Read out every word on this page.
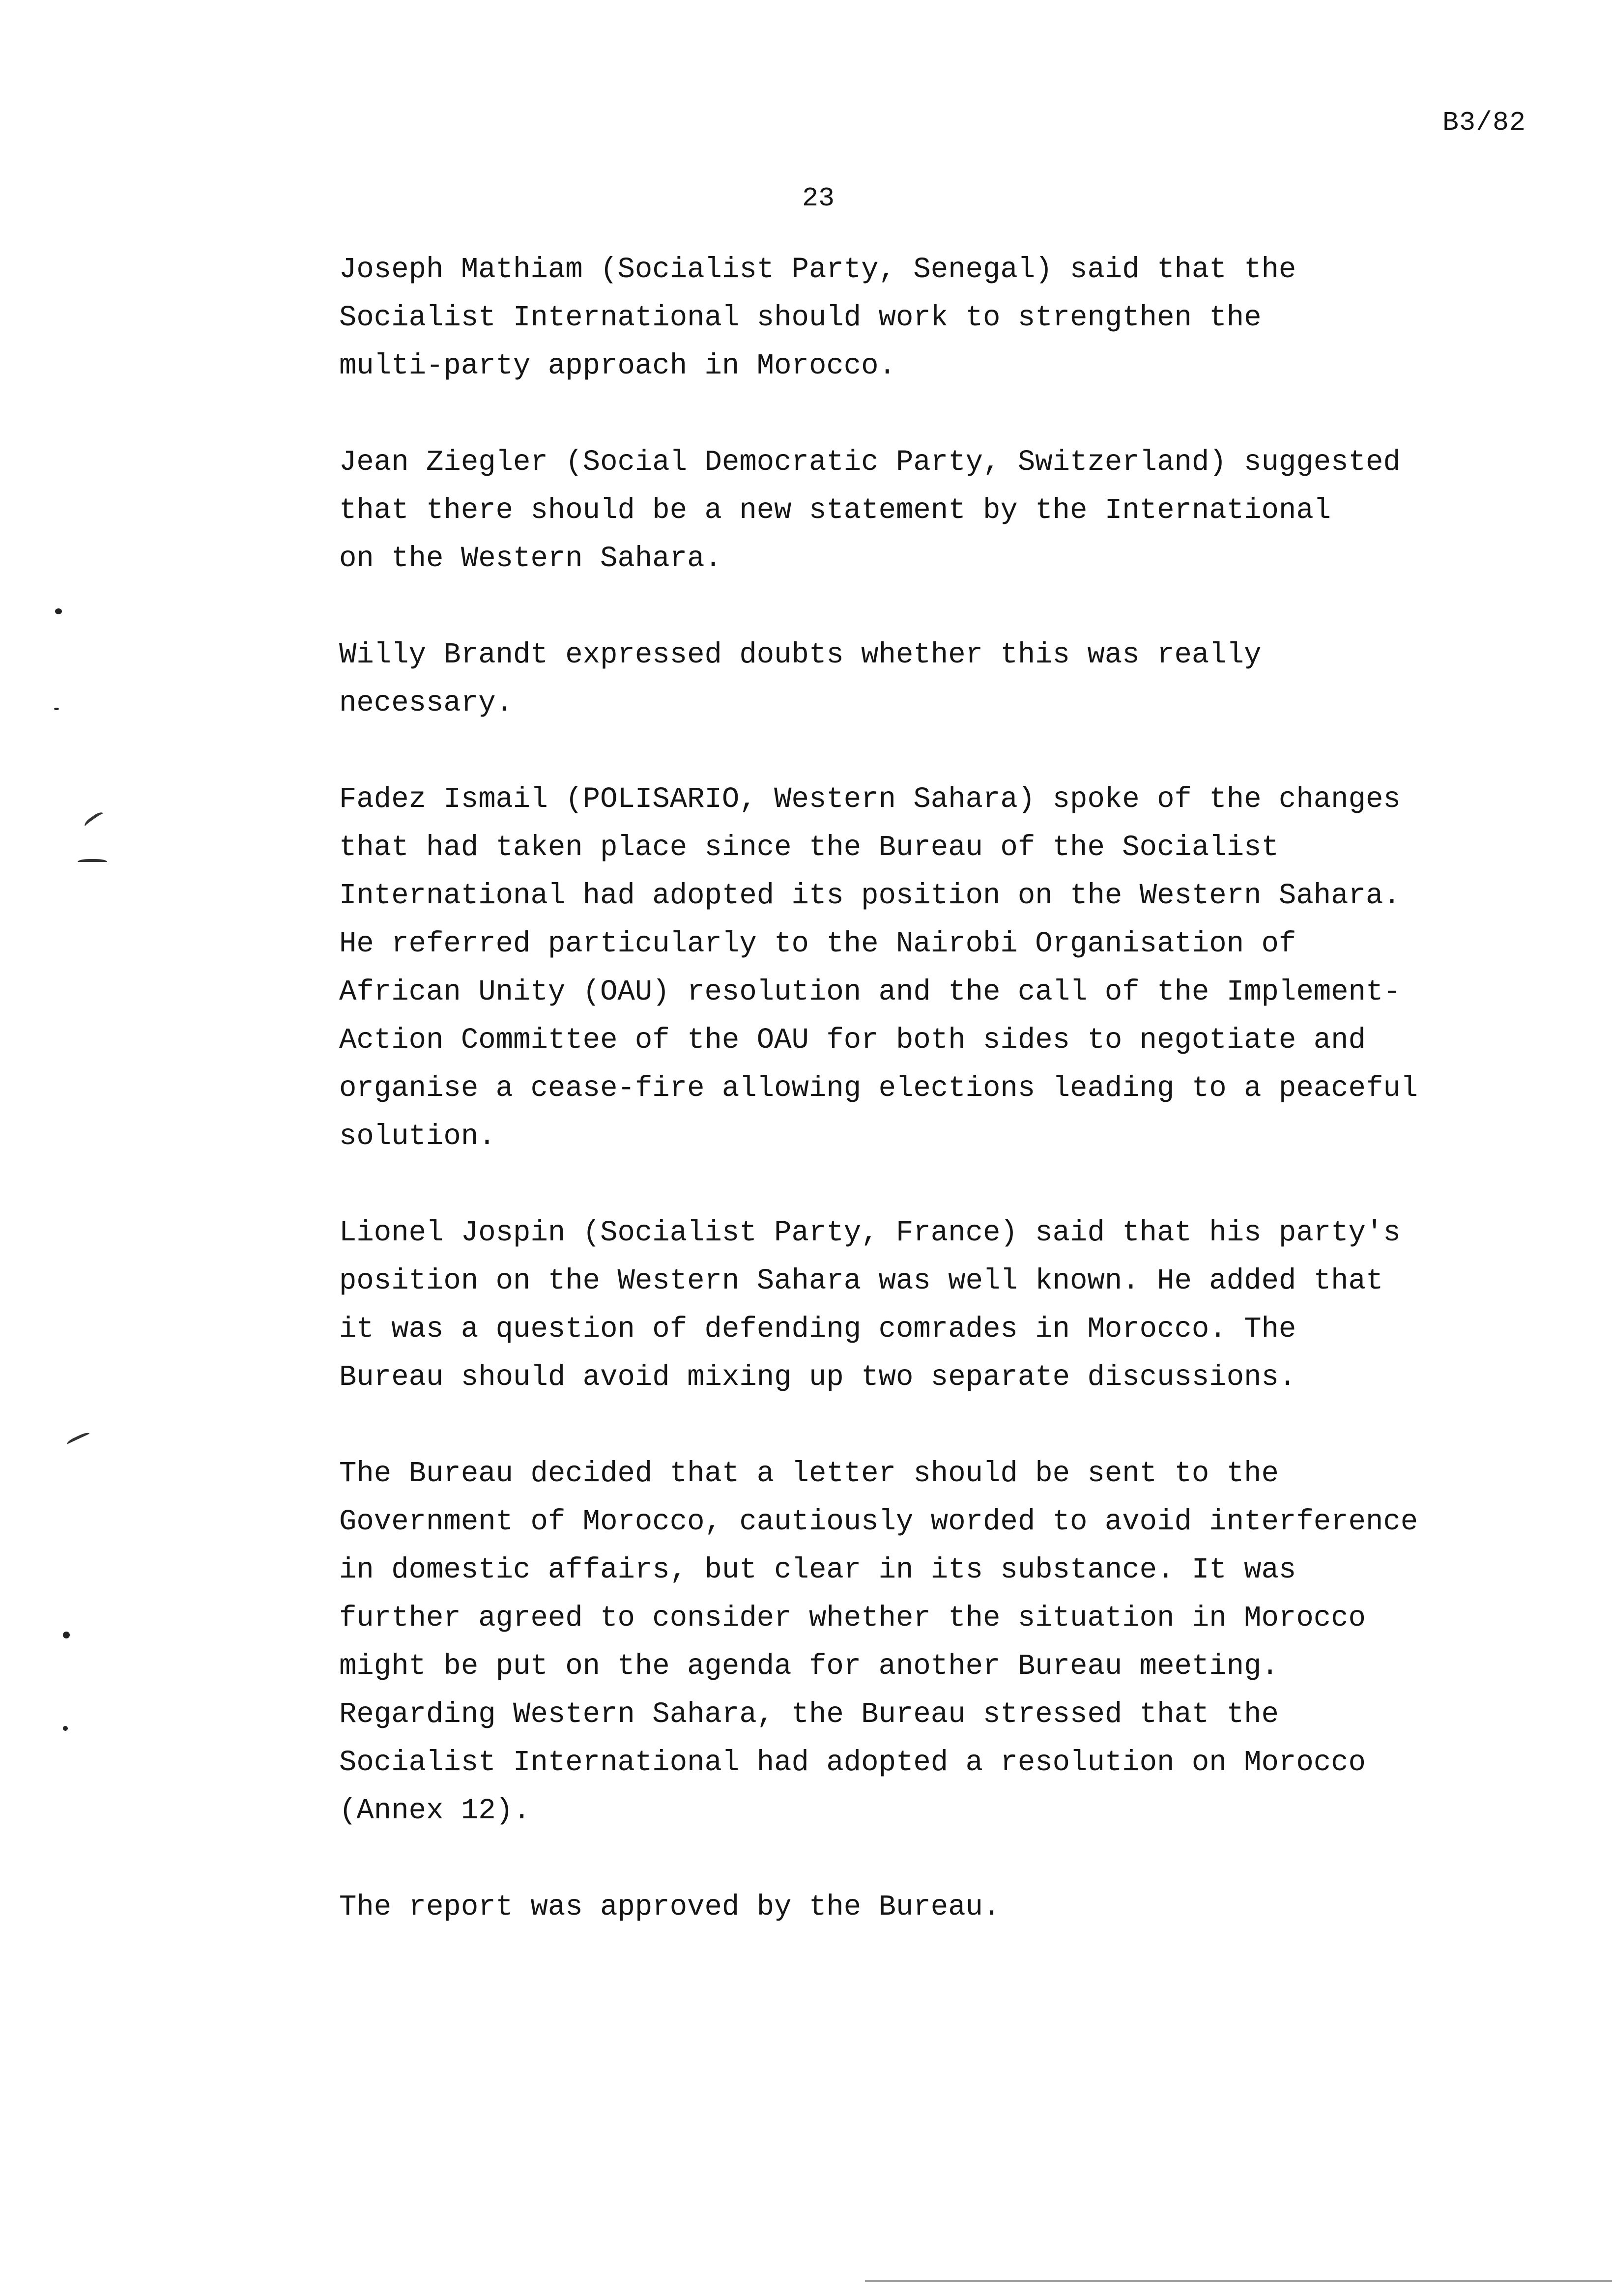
B3/82
23

Joseph Mathiam (Socialist Party, Senegal) said that the
Socialist International should work to strengthen the
multi-party approach in Morocco.

Jean Ziegler (Social Democratic Party, Switzerland) suggested
that there should be a new statement by the International
on the Western Sahara.

Willy Brandt expressed doubts whether this was really
necessary.

Fadez Ismail (POLISARIO, Western Sahara) spoke of the changes
that had taken place since the Bureau of the Socialist
International had adopted its position on the Western Sahara.
He referred particularly to the Nairobi Organisation of
African Unity (OAU) resolution and the call of the Implement-
Action Committee of the OAU for both sides to negotiate and
organise a cease-fire allowing elections leading to a peaceful
solution.

Lionel Jospin (Socialist Party, France) said that his party's
position on the Western Sahara was well known. He added that
it was a question of defending comrades in Morocco. The
Bureau should avoid mixing up two separate discussions.

The Bureau decided that a letter should be sent to the
Government of Morocco, cautiously worded to avoid interference
in domestic affairs, but clear in its substance. It was
further agreed to consider whether the situation in Morocco
might be put on the agenda for another Bureau meeting.
Regarding Western Sahara, the Bureau stressed that the
Socialist International had adopted a resolution on Morocco
(Annex 12).

The report was approved by the Bureau.
